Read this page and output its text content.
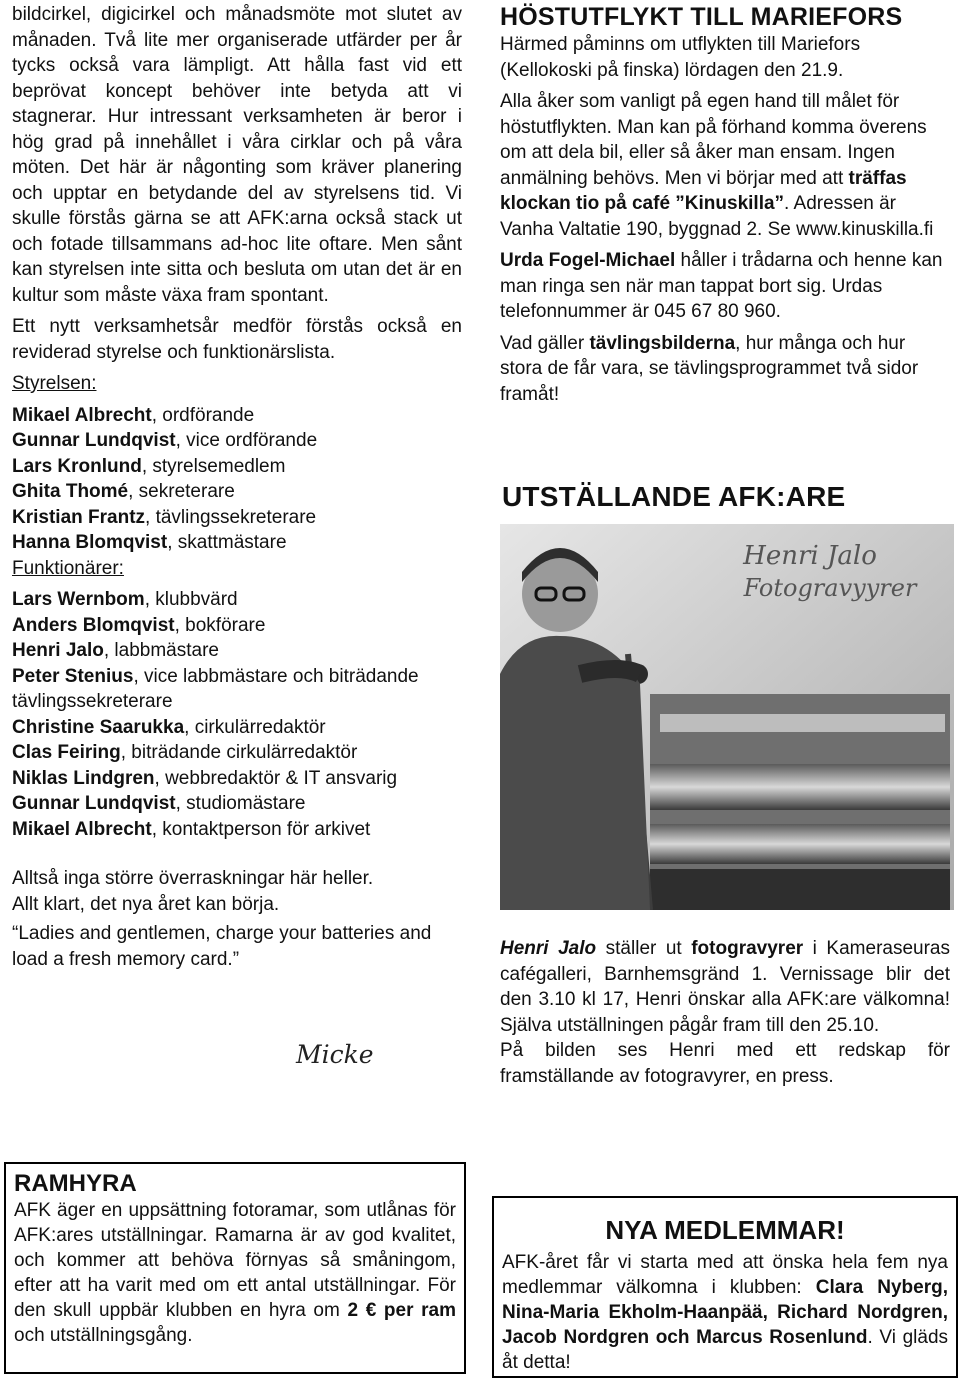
bildcirkel, digicirkel och månadsmöte mot slutet av månaden. Två lite mer organiserade utfärder per år tycks också vara lämpligt. Att hålla fast vid ett beprövat koncept behöver inte betyda att vi stagnerar. Hur intressant verksamheten är beror i hög grad på innehållet i våra cirklar och på våra möten. Det här är någonting som kräver planering och upptar en betydande del av styrelsens tid. Vi skulle förstås gärna se att AFK:arna också stack ut och fotade tillsammans ad-hoc lite oftare. Men sånt kan styrelsen inte sitta och besluta om utan det är en kultur som måste växa fram spontant.

Ett nytt verksamhetsår medför förstås också en reviderad styrelse och funktionärslista.

Styrelsen:
Mikael Albrecht, ordförande
Gunnar Lundqvist, vice ordförande
Lars Kronlund, styrelsemedlem
Ghita Thomé, sekreterare
Kristian Frantz, tävlingssekreterare
Hanna Blomqvist, skattmästare
Funktionärer:
Lars Wernbom, klubbvärd
Anders Blomqvist, bokförare
Henri Jalo, labbmästare
Peter Stenius, vice labbmästare och biträdande tävlingssekreterare
Christine Saarukka, cirkulärredaktör
Clas Feiring, biträdande cirkulärredaktör
Niklas Lindgren, webbredaktör & IT ansvarig
Gunnar Lundqvist, studiomästare
Mikael Albrecht, kontaktperson för arkivet
Alltså inga större överraskningar här heller.
Allt klart, det nya året kan börja.
“Ladies and gentlemen, charge your batteries and load a fresh memory card.”
Micke
HÖSTUTFLYKT TILL MARIEFORS

Härmed påminns om utflykten till Mariefors (Kellokoski på finska) lördagen den 21.9.

Alla åker som vanligt på egen hand till målet för höstutflykten. Man kan på förhand komma överens om att dela bil, eller så åker man ensam. Ingen anmälning behövs. Men vi börjar med att träffas klockan tio på café ”Kinuskilla”. Adressen är Vanha Valtatie 190, byggnad 2. Se www.kinuskilla.fi

Urda Fogel-Michael håller i trådarna och henne kan man ringa sen när man tappat bort sig. Urdas telefonnummer är 045 67 80 960.

Vad gäller tävlingsbilderna, hur många och hur stora de får vara, se tävlingsprogrammet två sidor framåt!

UTSTÄLLANDE AFK:ARE
Henri Jalo
Fotogravyyrer

Henri Jalo ställer ut fotogravyrer i Kameraseuras cafégalleri, Barnhemsgränd 1. Vernissage blir det den 3.10 kl 17, Henri önskar alla AFK:are välkomna! Själva utställningen pågår fram till den 25.10.

På bilden ses Henri med ett redskap för framställande av fotogravyrer, en press.

RAMHYRA
AFK äger en uppsättning fotoramar, som utlånas för AFK:ares utställningar. Ramarna är av god kvalitet, och kommer att behöva förnyas så småningom, efter att ha varit med om ett antal utställningar. För den skull uppbär klubben en hyra om 2 € per ram och utställningsgång.
NYA MEDLEMMAR!
AFK-året får vi starta med att önska hela fem nya medlemmar välkomna i klubben: Clara Nyberg, Nina-Maria Ekholm-Haanpää, Richard Nordgren, Jacob Nordgren och Marcus Rosenlund. Vi gläds åt detta!
